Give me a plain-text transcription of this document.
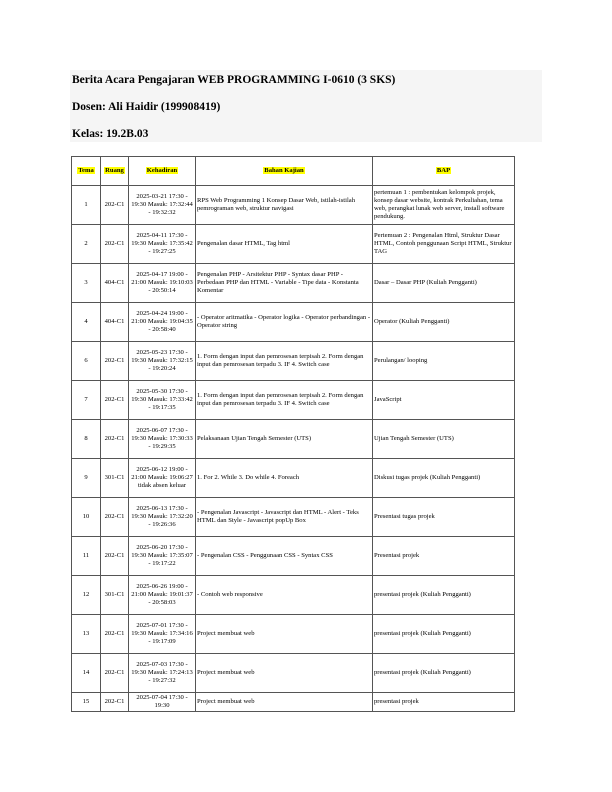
Berita Acara Pengajaran WEB PROGRAMMING I-0610 (3 SKS)
Dosen: Ali Haidir (199908419)
Kelas: 19.2B.03
Tema	Ruang	Kehadiran	Bahan Kajian	BAP
1	202-C1	2025-03-21 17:30 - 19:30 Masuk: 17:32:44 - 19:32:32	RPS Web Programming 1 Konsep Dasar Web, istilah-istilah pemrograman web, struktur navigasi	pertemuan 1 : pembentukan kelompok projek, konsep dasar website, kontrak Perkuliahan, tema web, perangkat lunak web server, install software pendukung.
2	202-C1	2025-04-11 17:30 - 19:30 Masuk: 17:35:42 - 19:27:25	Pengenalan dasar HTML, Tag html	Pertemuan 2 : Pengenalan Html, Struktur Dasar HTML, Contoh penggunaan Script HTML, Struktur TAG
3	404-C1	2025-04-17 19:00 - 21:00 Masuk: 19:10:03 - 20:50:14	Pengenalan PHP - Arsitektur PHP - Syntax dasar PHP - Perbedaan PHP dan HTML - Variable - Tipe data - Konstanta Komentar	Dasar – Dasar PHP (Kuliah Pengganti)
4	404-C1	2025-04-24 19:00 - 21:00 Masuk: 19:04:35 - 20:58:40	- Operator aritmatika - Operator logika - Operator perbandingan - Operator string	Operator (Kuliah Pengganti)
6	202-C1	2025-05-23 17:30 - 19:30 Masuk: 17:32:15 - 19:20:24	1. Form dengan input dan pemrosesan terpisah 2. Form dengan input dan pemrosesan terpadu 3. IF 4. Switch case	Perulangan/ looping
7	202-C1	2025-05-30 17:30 - 19:30 Masuk: 17:33:42 - 19:17:35	1. Form dengan input dan pemrosesan terpisah 2. Form dengan input dan pemrosesan terpadu 3. IF 4. Switch case	JavaScript
8	202-C1	2025-06-07 17:30 - 19:30 Masuk: 17:30:33 - 19:29:35	Pelaksanaan Ujian Tengah Semester (UTS)	Ujian Tengah Semester (UTS)
9	301-C1	2025-06-12 19:00 - 21:00 Masuk: 19:06:27 tidak absen keluar	1. For 2. While 3. Do while 4. Foreach	Diskusi tugas projek (Kuliah Pengganti)
10	202-C1	2025-06-13 17:30 - 19:30 Masuk: 17:32:20 - 19:26:36	- Pengenalan Javascript - Javascript dan HTML - Alert - Teks HTML dan Style - Javascript popUp Box	Presentasi tugas projek
11	202-C1	2025-06-20 17:30 - 19:30 Masuk: 17:35:07 - 19:17:22	- Pengenalan CSS - Penggunaan CSS - Syntax CSS	Presentasi projek
12	301-C1	2025-06-26 19:00 - 21:00 Masuk: 19:01:37 - 20:58:03	- Contoh web responsive	presentasi projek (Kuliah Pengganti)
13	202-C1	2025-07-01 17:30 - 19:30 Masuk: 17:34:16 - 19:17:09	Project membuat web	presentasi projek (Kuliah Pengganti)
14	202-C1	2025-07-03 17:30 - 19:30 Masuk: 17:24:13 - 19:27:32	Project membuat web	presentasi projek (Kuliah Pengganti)
15	202-C1	2025-07-04 17:30 - 19:30	Project membuat web	presentasi projek
